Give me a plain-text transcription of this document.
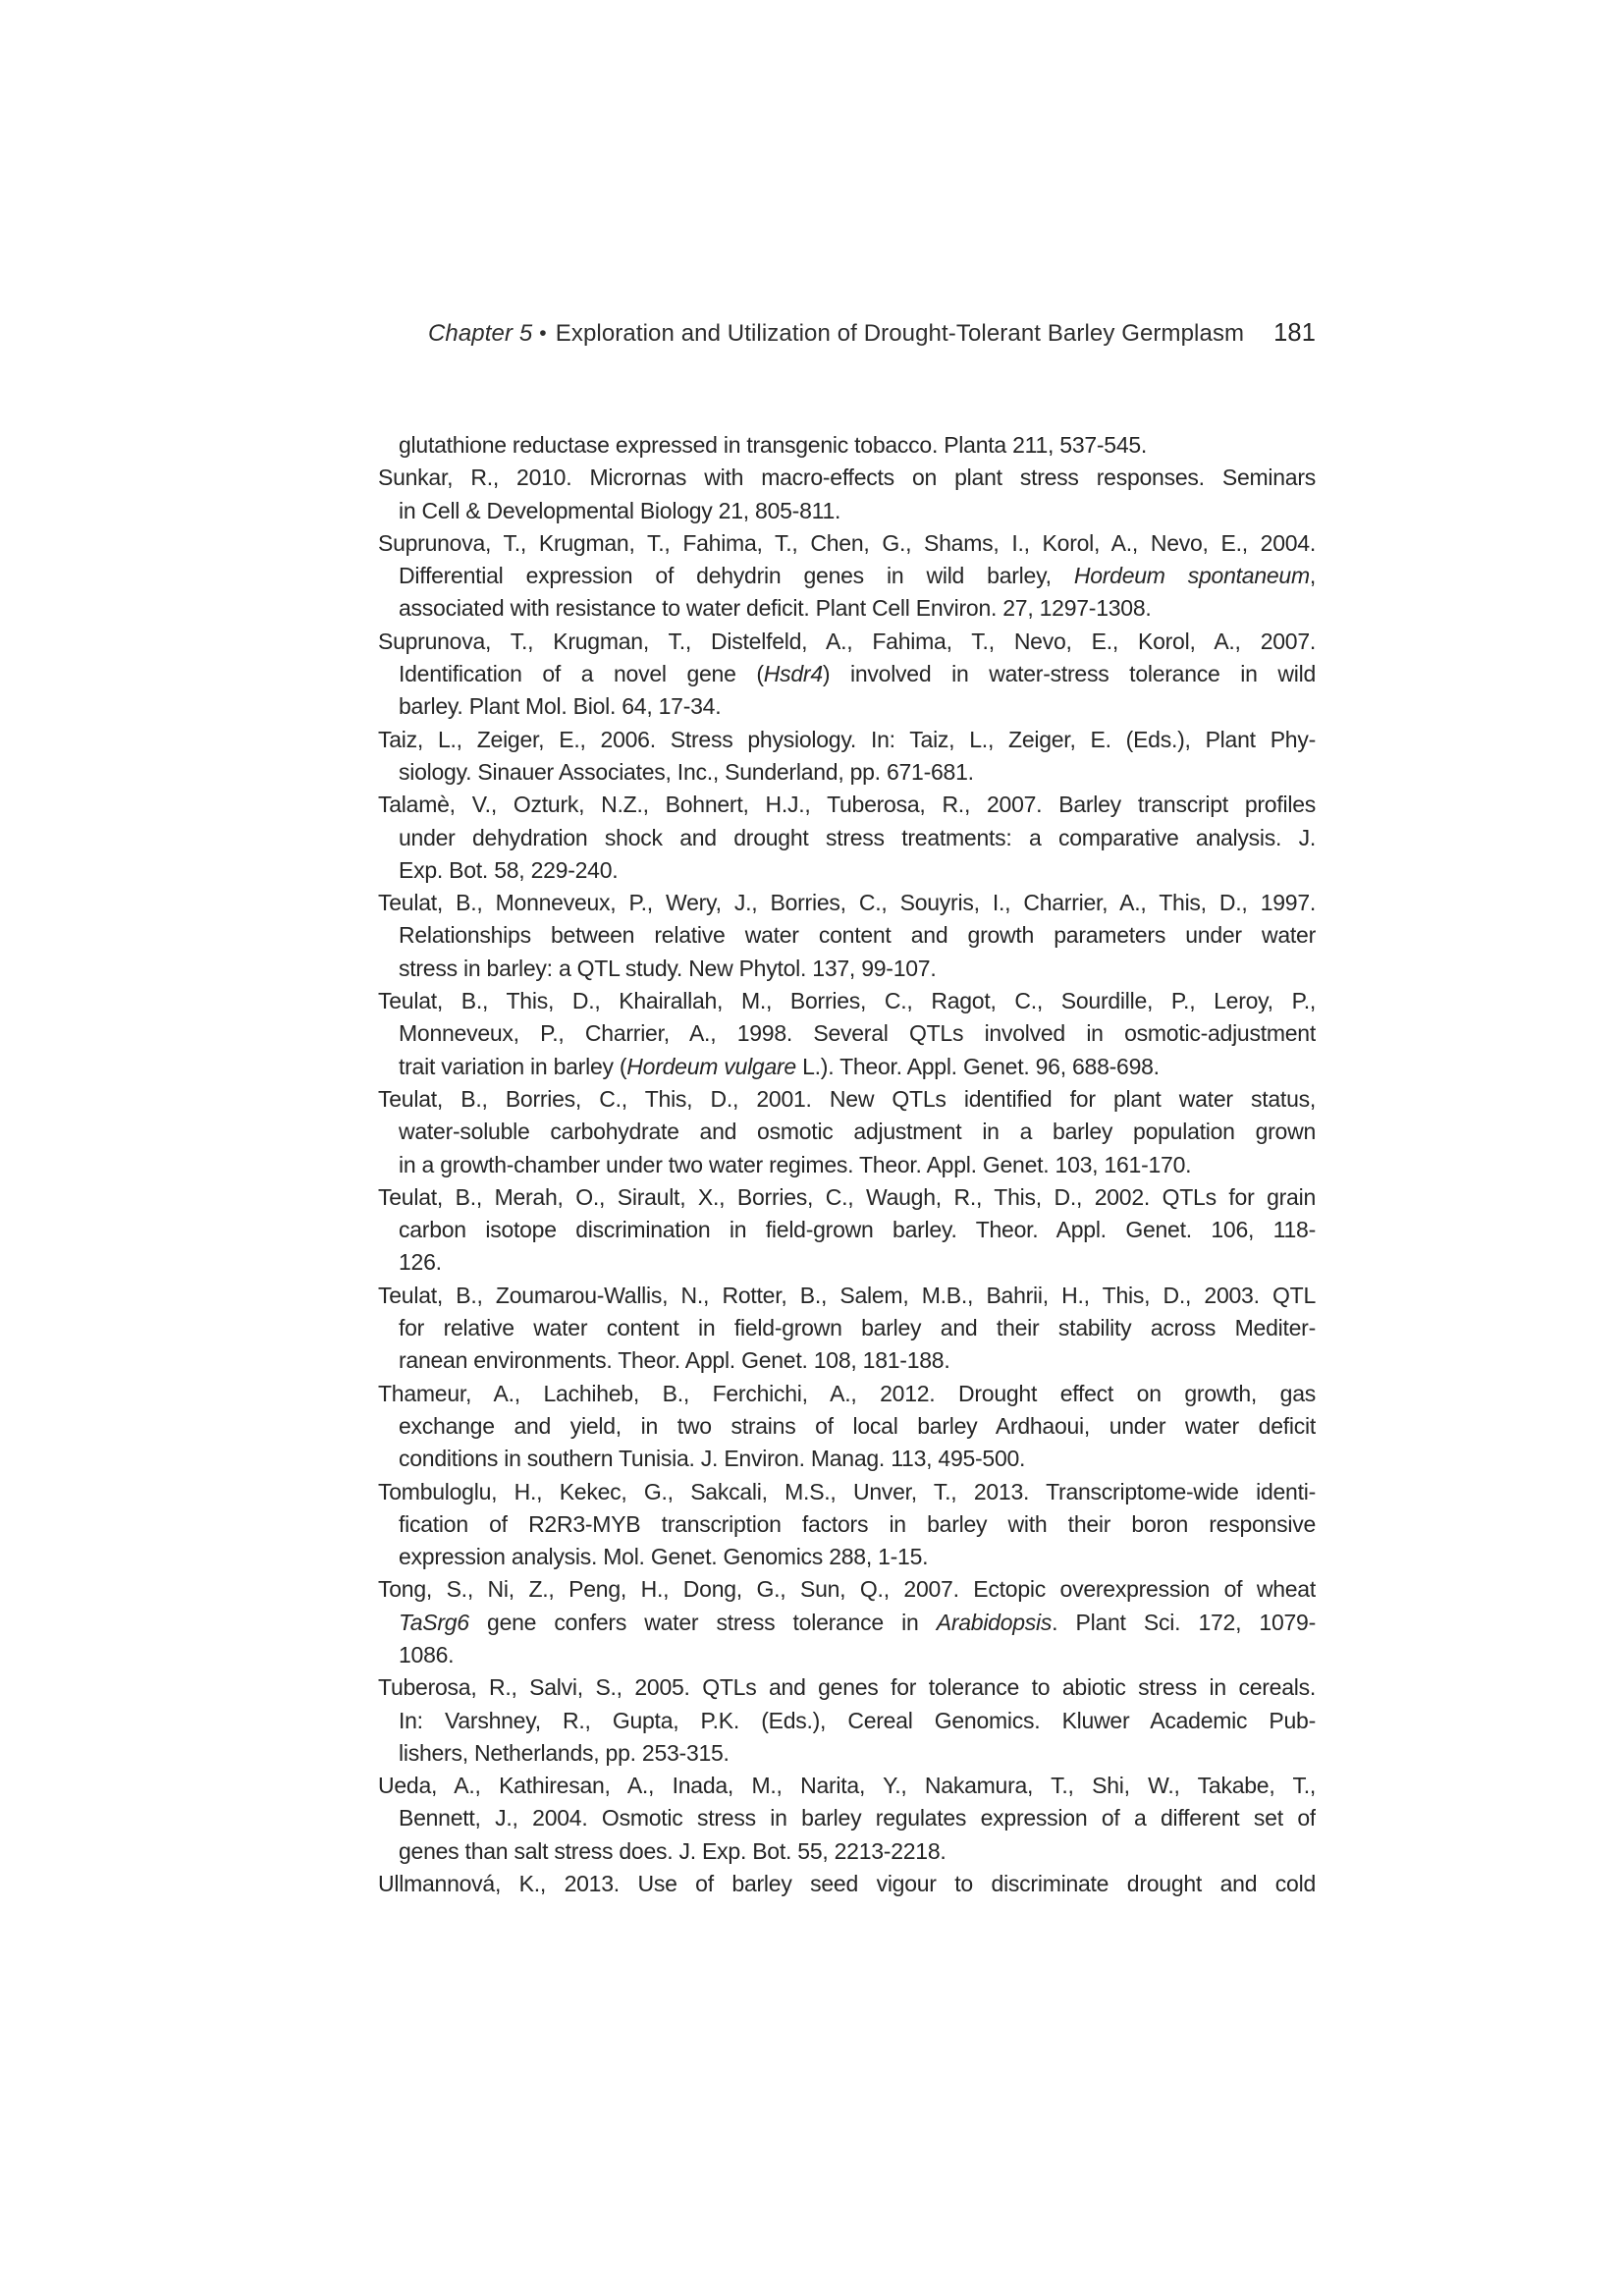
Chapter 5 • Exploration and Utilization of Drought-Tolerant Barley Germplasm 181
glutathione reductase expressed in transgenic tobacco. Planta 211, 537-545.
Sunkar, R., 2010. Micrornas with macro-effects on plant stress responses. Seminars
in Cell & Developmental Biology 21, 805-811.
Suprunova, T., Krugman, T., Fahima, T., Chen, G., Shams, I., Korol, A., Nevo, E., 2004.
Differential expression of dehydrin genes in wild barley, Hordeum spontaneum,
associated with resistance to water deficit. Plant Cell Environ. 27, 1297-1308.
Suprunova, T., Krugman, T., Distelfeld, A., Fahima, T., Nevo, E., Korol, A., 2007.
Identification of a novel gene (Hsdr4) involved in water-stress tolerance in wild
barley. Plant Mol. Biol. 64, 17-34.
Taiz, L., Zeiger, E., 2006. Stress physiology. In: Taiz, L., Zeiger, E. (Eds.), Plant Phy-
siology. Sinauer Associates, Inc., Sunderland, pp. 671-681.
Talamè, V., Ozturk, N.Z., Bohnert, H.J., Tuberosa, R., 2007. Barley transcript profiles
under dehydration shock and drought stress treatments: a comparative analysis. J.
Exp. Bot. 58, 229-240.
Teulat, B., Monneveux, P., Wery, J., Borries, C., Souyris, I., Charrier, A., This, D., 1997.
Relationships between relative water content and growth parameters under water
stress in barley: a QTL study. New Phytol. 137, 99-107.
Teulat, B., This, D., Khairallah, M., Borries, C., Ragot, C., Sourdille, P., Leroy, P.,
Monneveux, P., Charrier, A., 1998. Several QTLs involved in osmotic-adjustment
trait variation in barley (Hordeum vulgare L.). Theor. Appl. Genet. 96, 688-698.
Teulat, B., Borries, C., This, D., 2001. New QTLs identified for plant water status,
water-soluble carbohydrate and osmotic adjustment in a barley population grown
in a growth-chamber under two water regimes. Theor. Appl. Genet. 103, 161-170.
Teulat, B., Merah, O., Sirault, X., Borries, C., Waugh, R., This, D., 2002. QTLs for grain
carbon isotope discrimination in field-grown barley. Theor. Appl. Genet. 106, 118-
126.
Teulat, B., Zoumarou-Wallis, N., Rotter, B., Salem, M.B., Bahrii, H., This, D., 2003. QTL
for relative water content in field-grown barley and their stability across Mediter-
ranean environments. Theor. Appl. Genet. 108, 181-188.
Thameur, A., Lachiheb, B., Ferchichi, A., 2012. Drought effect on growth, gas
exchange and yield, in two strains of local barley Ardhaoui, under water deficit
conditions in southern Tunisia. J. Environ. Manag. 113, 495-500.
Tombuloglu, H., Kekec, G., Sakcali, M.S., Unver, T., 2013. Transcriptome-wide identi-
fication of R2R3-MYB transcription factors in barley with their boron responsive
expression analysis. Mol. Genet. Genomics 288, 1-15.
Tong, S., Ni, Z., Peng, H., Dong, G., Sun, Q., 2007. Ectopic overexpression of wheat
TaSrg6 gene confers water stress tolerance in Arabidopsis. Plant Sci. 172, 1079-
1086.
Tuberosa, R., Salvi, S., 2005. QTLs and genes for tolerance to abiotic stress in cereals.
In: Varshney, R., Gupta, P.K. (Eds.), Cereal Genomics. Kluwer Academic Pub-
lishers, Netherlands, pp. 253-315.
Ueda, A., Kathiresan, A., Inada, M., Narita, Y., Nakamura, T., Shi, W., Takabe, T.,
Bennett, J., 2004. Osmotic stress in barley regulates expression of a different set of
genes than salt stress does. J. Exp. Bot. 55, 2213-2218.
Ullmannová, K., 2013. Use of barley seed vigour to discriminate drought and cold
